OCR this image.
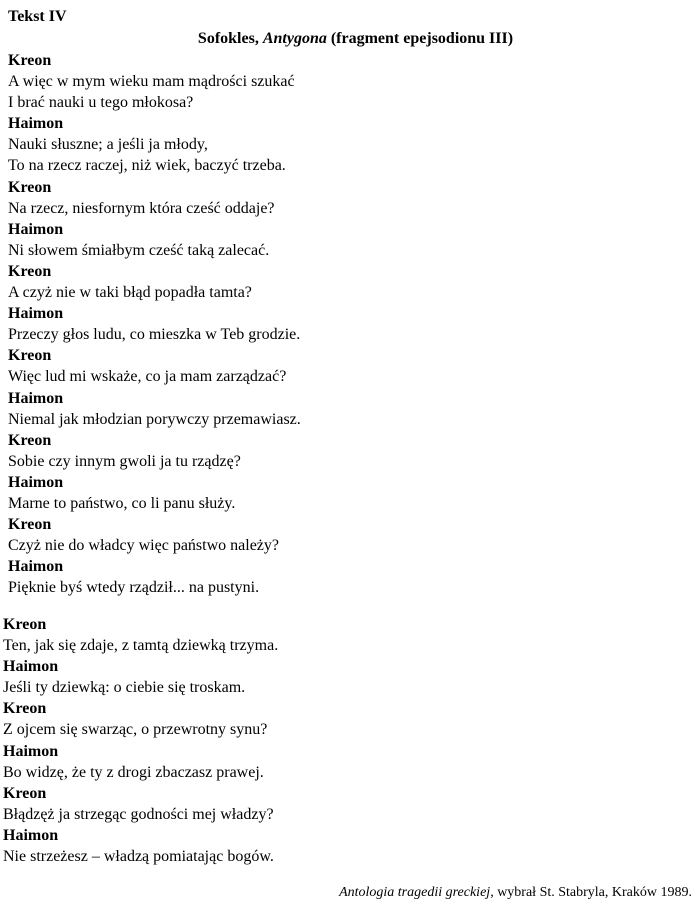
Tekst IV
Sofokles, Antygona (fragment epejsodionu III)
Kreon
A więc w mym wieku mam mądrości szukać
I brać nauki u tego młokosa?
Haimon
Nauki słuszne; a jeśli ja młody,
To na rzecz raczej, niż wiek, baczyć trzeba.
Kreon
Na rzecz, niesfornym która cześć oddaje?
Haimon
Ni słowem śmiałbym cześć taką zalecać.
Kreon
A czyż nie w taki błąd popadła tamta?
Haimon
Przeczy głos ludu, co mieszka w Teb grodzie.
Kreon
Więc lud mi wskaże, co ja mam zarządzać?
Haimon
Niemal jak młodzian porywczy przemawiasz.
Kreon
Sobie czy innym gwoli ja tu rządzę?
Haimon
Marne to państwo, co li panu służy.
Kreon
Czyż nie do władcy więc państwo należy?
Haimon
Pięknie byś wtedy rządził... na pustyni.
Kreon
Ten, jak się zdaje, z tamtą dziewką trzyma.
Haimon
Jeśli ty dziewką: o ciebie się troskam.
Kreon
Z ojcem się swarząc, o przewrotny synu?
Haimon
Bo widzę, że ty z drogi zbaczasz prawej.
Kreon
Błądzęż ja strzegąc godności mej władzy?
Haimon
Nie strzeżesz – władzą pomiatając bogów.
Antologia tragedii greckiej, wybrał St. Stabryla, Kraków 1989.
